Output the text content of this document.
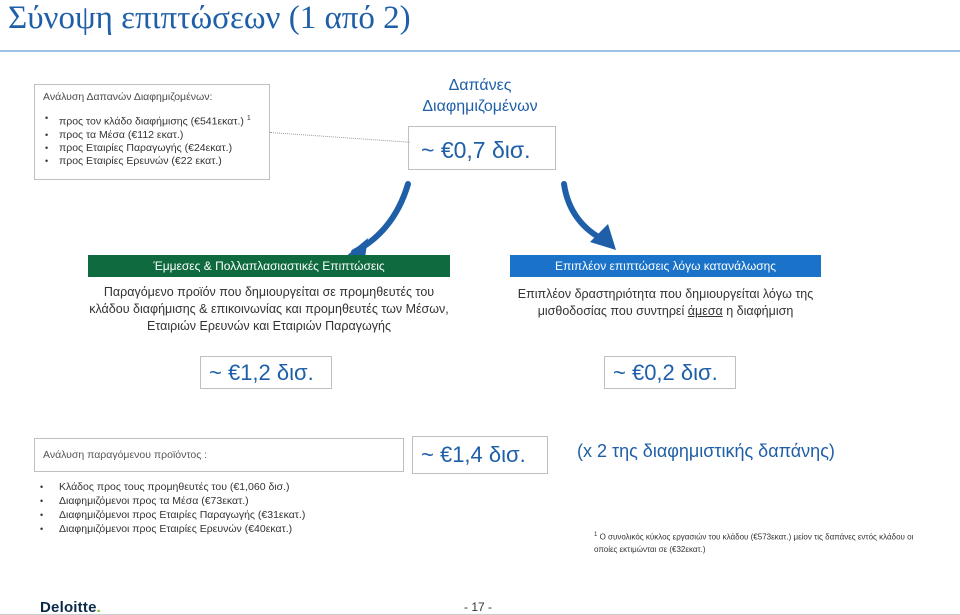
Σύνοψη επιπτώσεων (1 από 2)
Ανάλυση Δαπανών Διαφημιζομένων:
• προς τον κλάδο διαφήμισης (€541εκατ.) $^1$
• προς τα Μέσα (€112 εκατ.)
• προς Εταιρίες Παραγωγής (€24εκατ.)
• προς Εταιρίες Ερευνών (€22 εκατ.)
Δαπάνες
Διαφημιζομένων
~ €0,7 δισ.
Έμμεσες & Πολλαπλασιαστικές Επιπτώσεις
Παραγόμενο προϊόν που δημιουργείται σε προμηθευτές του κλάδου διαφήμισης & επικοινωνίας και προμηθευτές των Μέσων, Εταιριών Ερευνών και Εταιριών Παραγωγής
~ €1,2 δισ.
Επιπλέον επιπτώσεις λόγω κατανάλωσης
Επιπλέον δραστηριότητα που δημιουργείται λόγω της μισθοδοσίας που συντηρεί άμεσα η διαφήμιση
~ €0,2 δισ.
Ανάλυση παραγόμενου προϊόντος :
• Κλάδος προς τους προμηθευτές του (€1,060 δισ.)
• Διαφημιζόμενοι προς τα Μέσα (€73εκατ.)
• Διαφημιζόμενοι προς Εταιρίες Παραγωγής (€31εκατ.)
• Διαφημιζόμενοι προς Εταιρίες Ερευνών (€40εκατ.)
~ €1,4 δισ.	(x 2 της διαφημιστικής δαπάνης)
$^1$ Ο συνολικός κύκλος εργασιών του κλάδου (€573εκατ.) μείον τις δαπάνες εντός κλάδου οι οποίες εκτιμώνται σε (€32εκατ.)
Deloitte.	- 17 -
